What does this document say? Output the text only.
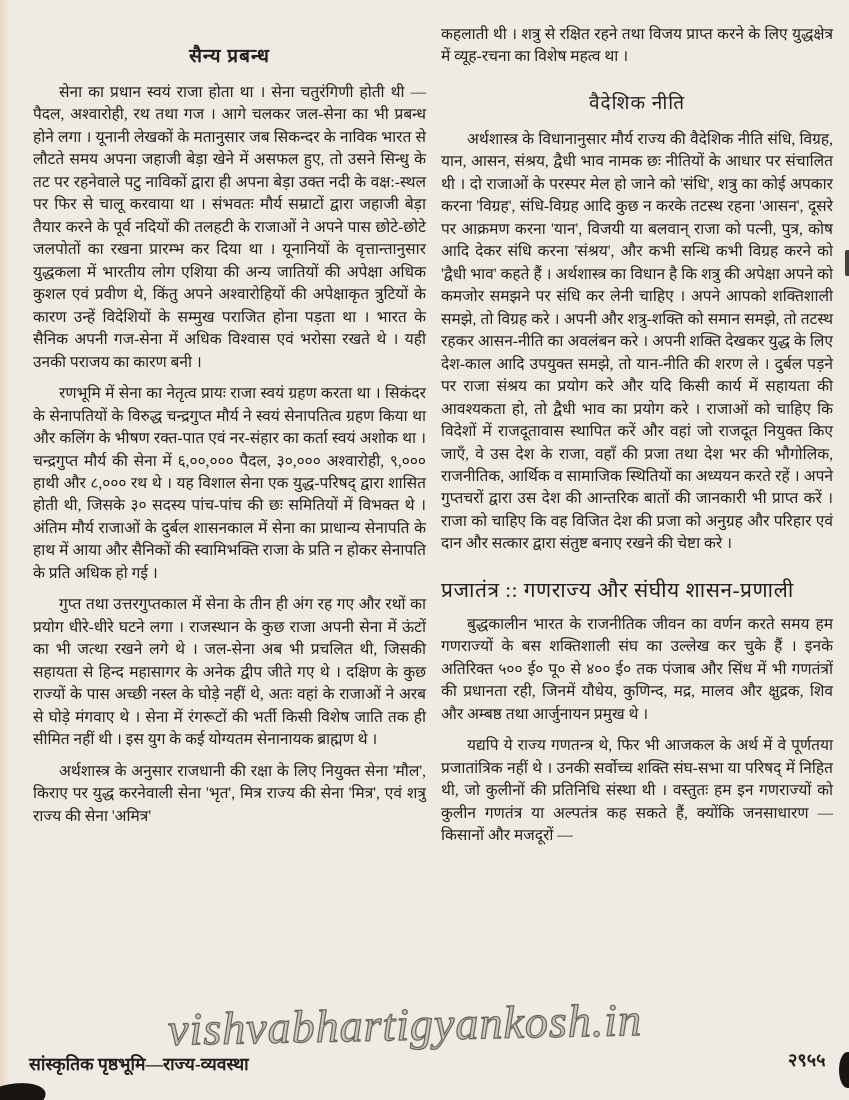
सैन्य प्रबन्ध

सेना का प्रधान स्वयं राजा होता था । सेना चतुरंगिणी होती थी — पैदल, अश्वारोही, रथ तथा गज । आगे चलकर जल-सेना का भी प्रबन्ध होने लगा । यूनानी लेखकों के मतानुसार जब सिकन्दर के नाविक भारत से लौटते समय अपना जहाजी बेड़ा खेने में असफल हुए, तो उसने सिन्धु के तट पर रहनेवाले पटु नाविकों द्वारा ही अपना बेड़ा उक्त नदी के वक्ष:-स्थल पर फिर से चालू करवाया था । संभवतः मौर्य सम्राटों द्वारा जहाजी बेड़ा तैयार करने के पूर्व नदियों की तलहटी के राजाओं ने अपने पास छोटे-छोटे जलपोतों का रखना प्रारम्भ कर दिया था । यूनानियों के वृत्तान्तानुसार युद्धकला में भारतीय लोग एशिया की अन्य जातियों की अपेक्षा अधिक कुशल एवं प्रवीण थे, किंतु अपने अश्वारोहियों की अपेक्षाकृत त्रुटियों के कारण उन्हें विदेशियों के सम्मुख पराजित होना पड़ता था । भारत के सैनिक अपनी गज-सेना में अधिक विश्वास एवं भरोसा रखते थे । यही उनकी पराजय का कारण बनी ।

रणभूमि में सेना का नेतृत्व प्रायः राजा स्वयं ग्रहण करता था । सिकंदर के सेनापतियों के विरुद्ध चन्द्रगुप्त मौर्य ने स्वयं सेनापतित्व ग्रहण किया था और कलिंग के भीषण रक्त-पात एवं नर-संहार का कर्ता स्वयं अशोक था । चन्द्रगुप्त मौर्य की सेना में ६,००,००० पैदल, ३०,००० अश्वारोही, ९,००० हाथी और ८,००० रथ थे । यह विशाल सेना एक युद्ध-परिषद् द्वारा शासित होती थी, जिसके ३० सदस्य पांच-पांच की छः समितियों में विभक्त थे । अंतिम मौर्य राजाओं के दुर्बल शासनकाल में सेना का प्राधान्य सेनापति के हाथ में आया और सैनिकों की स्वामिभक्ति राजा के प्रति न होकर सेनापति के प्रति अधिक हो गई ।

गुप्त तथा उत्तरगुप्तकाल में सेना के तीन ही अंग रह गए और रथों का प्रयोग धीरे-धीरे घटने लगा । राजस्थान के कुछ राजा अपनी सेना में ऊंटों का भी जत्था रखने लगे थे । जल-सेना अब भी प्रचलित थी, जिसकी सहायता से हिन्द महासागर के अनेक द्वीप जीते गए थे । दक्षिण के कुछ राज्यों के पास अच्छी नस्ल के घोड़े नहीं थे, अतः वहां के राजाओं ने अरब से घोड़े मंगवाए थे । सेना में रंगरूटों की भर्ती किसी विशेष जाति तक ही सीमित नहीं थी । इस युग के कई योग्यतम सेनानायक ब्राह्मण थे ।

अर्थशास्त्र के अनुसार राजधानी की रक्षा के लिए नियुक्त सेना 'मौल', किराए पर युद्ध करनेवाली सेना 'भृत', मित्र राज्य की सेना 'मित्र', एवं शत्रु राज्य की सेना 'अमित्र'

कहलाती थी । शत्रु से रक्षित रहने तथा विजय प्राप्त करने के लिए युद्धक्षेत्र में व्यूह-रचना का विशेष महत्व था ।

वैदेशिक नीति

अर्थशास्त्र के विधानानुसार मौर्य राज्य की वैदेशिक नीति संधि, विग्रह, यान, आसन, संश्रय, द्वैधी भाव नामक छः नीतियों के आधार पर संचालित थी । दो राजाओं के परस्पर मेल हो जाने को 'संधि', शत्रु का कोई अपकार करना 'विग्रह', संधि-विग्रह आदि कुछ न करके तटस्थ रहना 'आसन', दूसरे पर आक्रमण करना 'यान', विजयी या बलवान् राजा को पत्नी, पुत्र, कोष आदि देकर संधि करना 'संश्रय', और कभी सन्धि कभी विग्रह करने को 'द्वैधी भाव' कहते हैं । अर्थशास्त्र का विधान है कि शत्रु की अपेक्षा अपने को कमजोर समझने पर संधि कर लेनी चाहिए । अपने आपको शक्तिशाली समझे, तो विग्रह करे । अपनी और शत्रु-शक्ति को समान समझे, तो तटस्थ रहकर आसन-नीति का अवलंबन करे । अपनी शक्ति देखकर युद्ध के लिए देश-काल आदि उपयुक्त समझे, तो यान-नीति की शरण ले । दुर्बल पड़ने पर राजा संश्रय का प्रयोग करे और यदि किसी कार्य में सहायता की आवश्यकता हो, तो द्वैधी भाव का प्रयोग करे । राजाओं को चाहिए कि विदेशों में राजदूतावास स्थापित करें और वहां जो राजदूत नियुक्त किए जाएँ, वे उस देश के राजा, वहाँ की प्रजा तथा देश भर की भौगोलिक, राजनीतिक, आर्थिक व सामाजिक स्थितियों का अध्ययन करते रहें । अपने गुप्तचरों द्वारा उस देश की आन्तरिक बातों की जानकारी भी प्राप्त करें । राजा को चाहिए कि वह विजित देश की प्रजा को अनुग्रह और परिहार एवं दान और सत्कार द्वारा संतुष्ट बनाए रखने की चेष्टा करे ।

प्रजातंत्र :: गणराज्य और संघीय शासन-प्रणाली

बुद्धकालीन भारत के राजनीतिक जीवन का वर्णन करते समय हम गणराज्यों के बस शक्तिशाली संघ का उल्लेख कर चुके हैं । इनके अतिरिक्त ५०० ई० पू० से ४०० ई० तक पंजाब और सिंध में भी गणतंत्रों की प्रधानता रही, जिनमें यौधेय, कुणिन्द, मद्र, मालव और क्षुद्रक, शिव और अम्बष्ठ तथा आर्जुनायन प्रमुख थे ।

यद्यपि ये राज्य गणतन्त्र थे, फिर भी आजकल के अर्थ में वे पूर्णतया प्रजातांत्रिक नहीं थे । उनकी सर्वोच्च शक्ति संघ-सभा या परिषद् में निहित थी, जो कुलीनों की प्रतिनिधि संस्था थी । वस्तुतः हम इन गणराज्यों को कुलीन गणतंत्र या अल्पतंत्र कह सकते हैं, क्योंकि जनसाधारण — किसानों और मजदूरों —

vishvabhartigyankosh.in
सांस्कृतिक पृष्ठभूमि—राज्य-व्यवस्था	२९५५
